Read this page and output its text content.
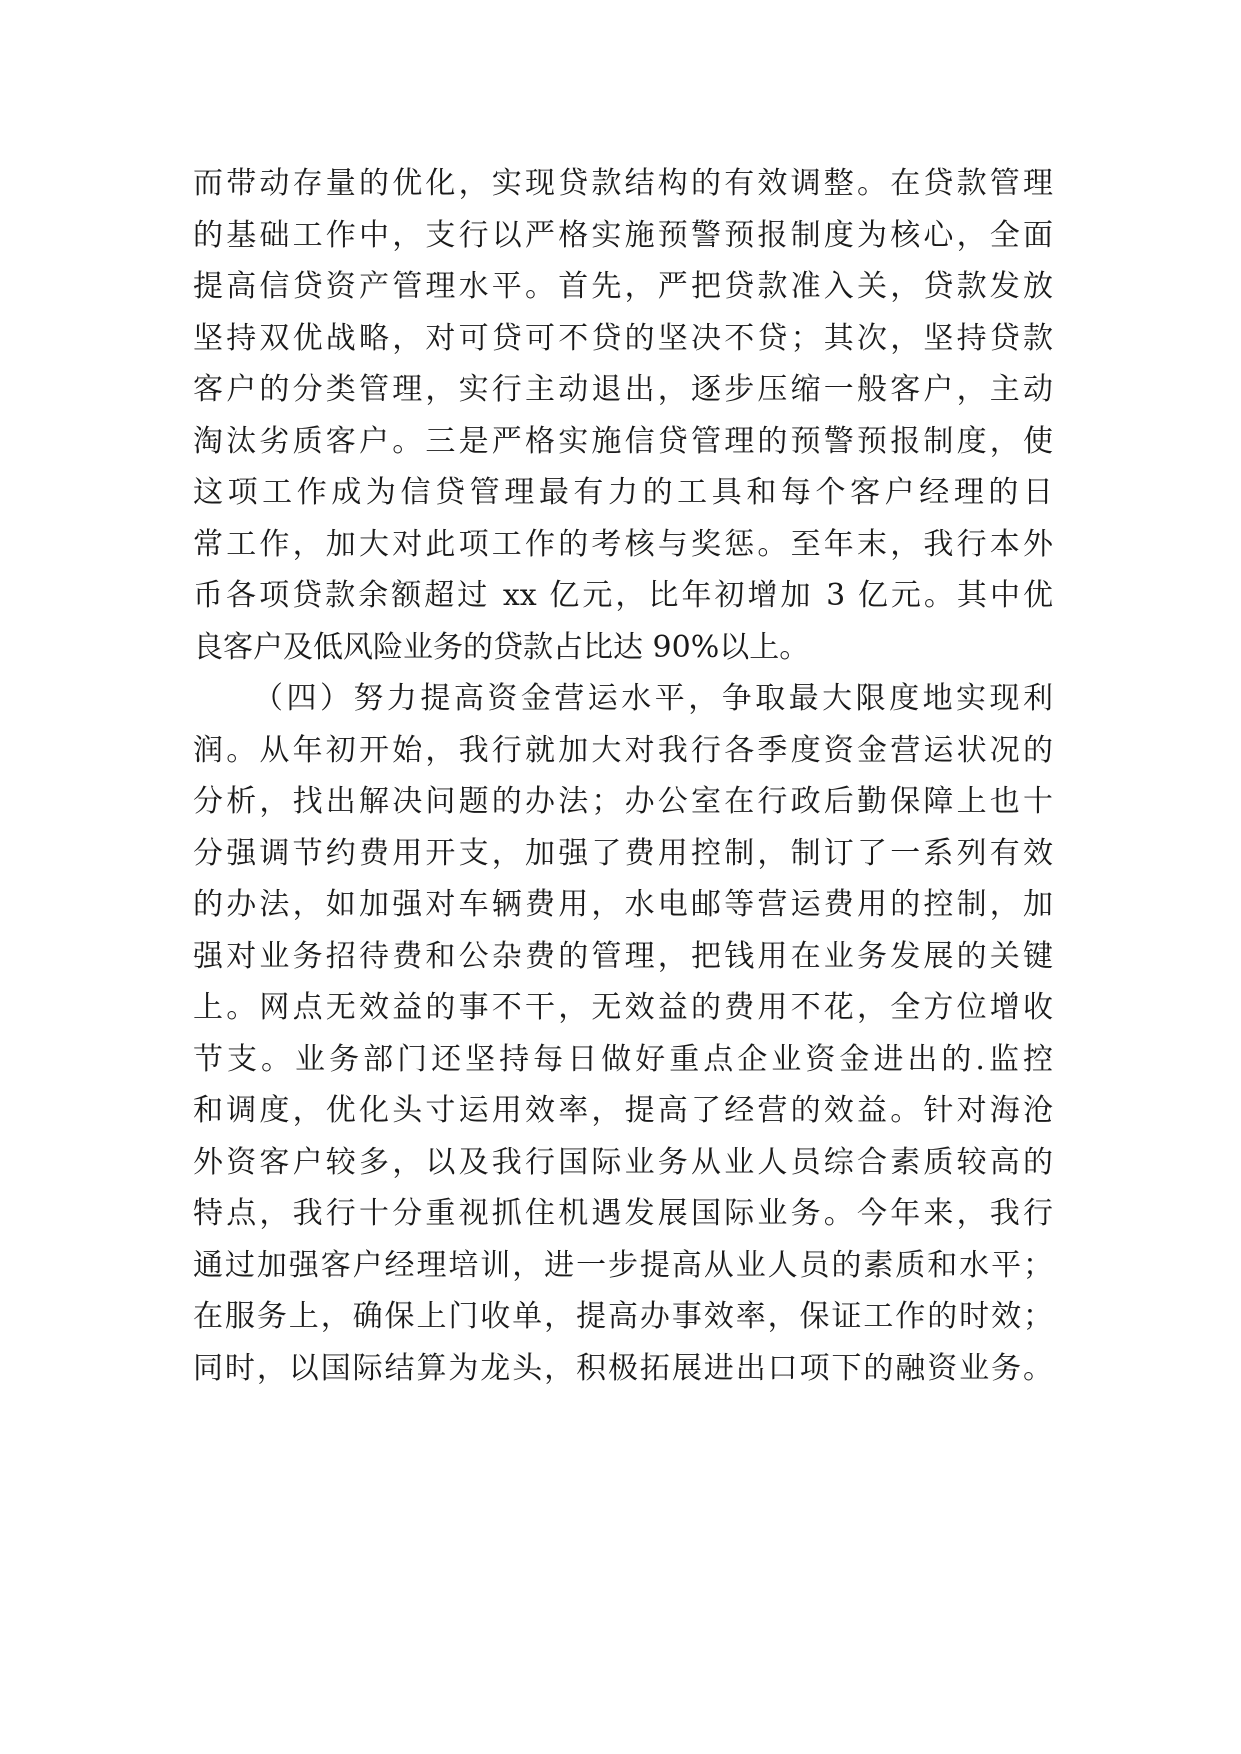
而带动存量的优化，实现贷款结构的有效调整。在贷款管理
的基础工作中，支行以严格实施预警预报制度为核心，全面
提高信贷资产管理水平。首先，严把贷款准入关，贷款发放
坚持双优战略，对可贷可不贷的坚决不贷；其次，坚持贷款
客户的分类管理，实行主动退出，逐步压缩一般客户，主动
淘汰劣质客户。三是严格实施信贷管理的预警预报制度，使
这项工作成为信贷管理最有力的工具和每个客户经理的日
常工作，加大对此项工作的考核与奖惩。至年末，我行本外
币各项贷款余额超过 xx 亿元，比年初增加 3 亿元。其中优
良客户及低风险业务的贷款占比达 90%以上。
（四）努力提高资金营运水平，争取最大限度地实现利
润。从年初开始，我行就加大对我行各季度资金营运状况的
分析，找出解决问题的办法；办公室在行政后勤保障上也十
分强调节约费用开支，加强了费用控制，制订了一系列有效
的办法，如加强对车辆费用，水电邮等营运费用的控制，加
强对业务招待费和公杂费的管理，把钱用在业务发展的关键
上。网点无效益的事不干，无效益的费用不花，全方位增收
节支。业务部门还坚持每日做好重点企业资金进出的.监控
和调度，优化头寸运用效率，提高了经营的效益。针对海沧
外资客户较多，以及我行国际业务从业人员综合素质较高的
特点，我行十分重视抓住机遇发展国际业务。今年来，我行
通过加强客户经理培训，进一步提高从业人员的素质和水平；
在服务上，确保上门收单，提高办事效率，保证工作的时效；
同时，以国际结算为龙头，积极拓展进出口项下的融资业务。
